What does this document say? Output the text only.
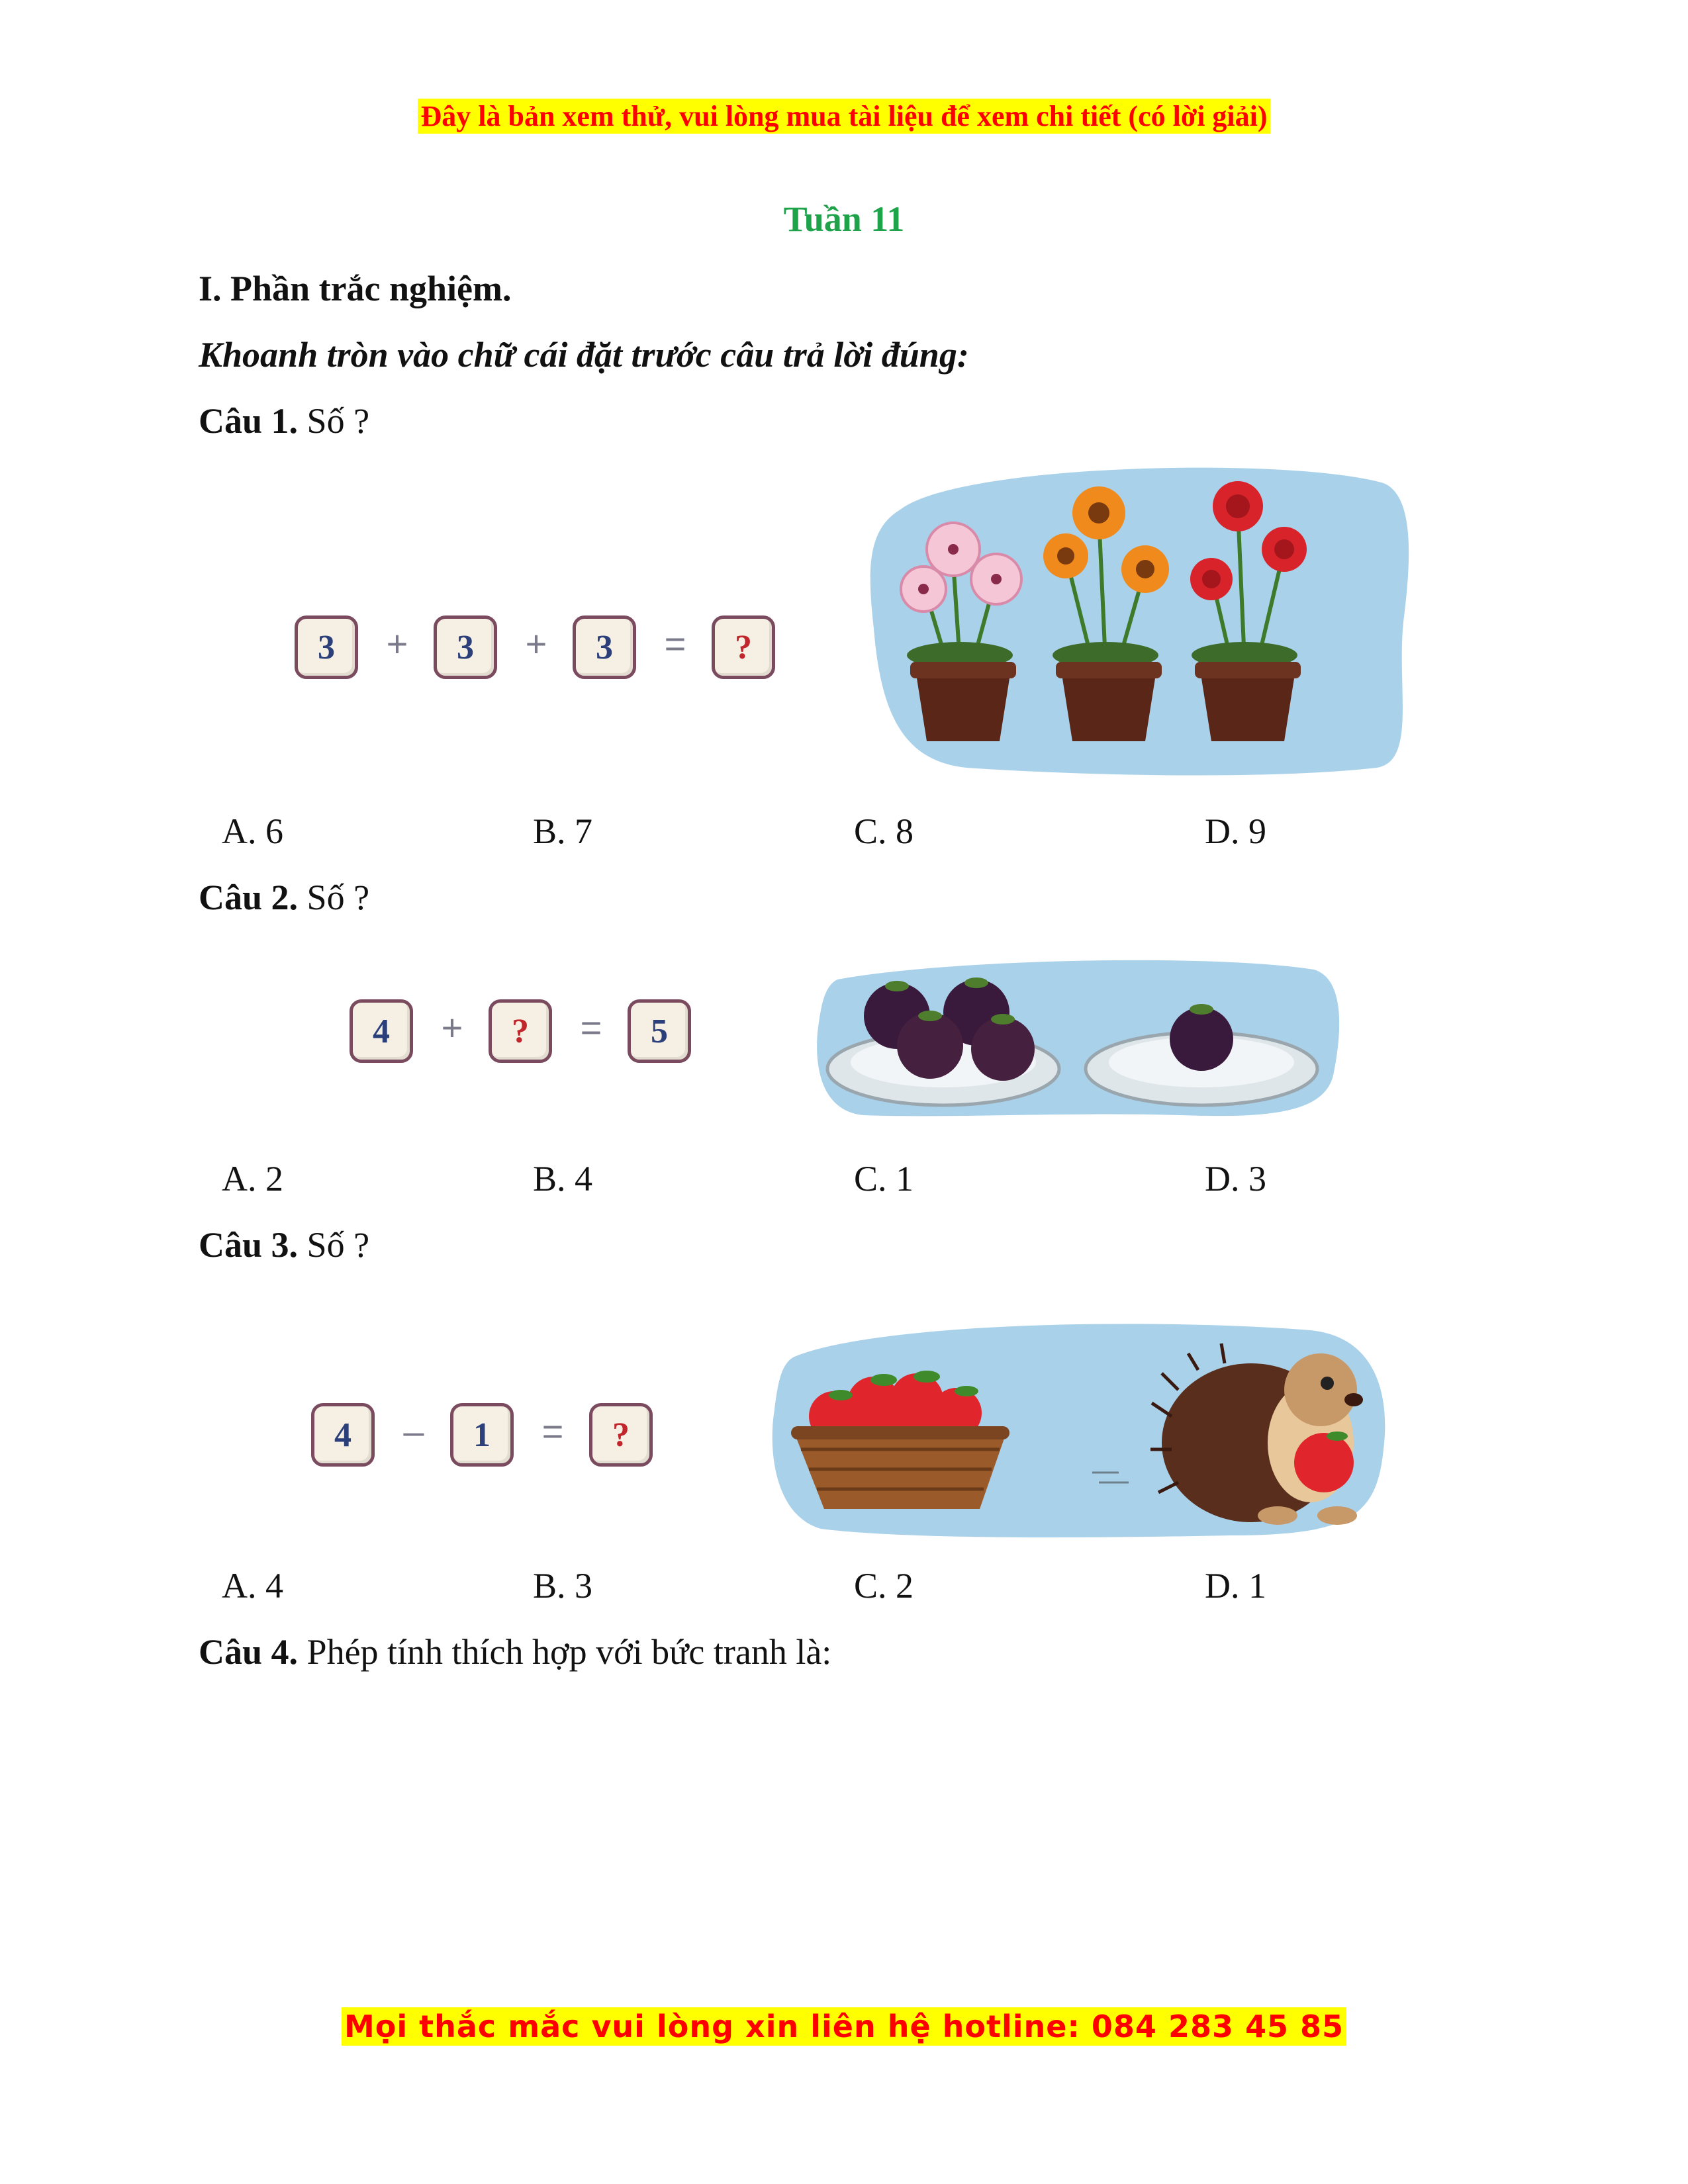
Đây là bản xem thử, vui lòng mua tài liệu để xem chi tiết (có lời giải)
Tuần 11
I. Phần trắc nghiệm.
Khoanh tròn vào chữ cái đặt trước câu trả lời đúng:
Câu 1. Số ?
3	+	3	+	3	=	?
A. 6	B. 7	C. 8	D. 9
Câu 2. Số ?
4	+	?	=	5
A. 2	B. 4	C. 1	D. 3
Câu 3. Số ?
4	–	1	=	?
A. 4	B. 3	C. 2	D. 1
Câu 4. Phép tính thích hợp với bức tranh là:
Mọi thắc mắc vui lòng xin liên hệ hotline: 084 283 45 85
